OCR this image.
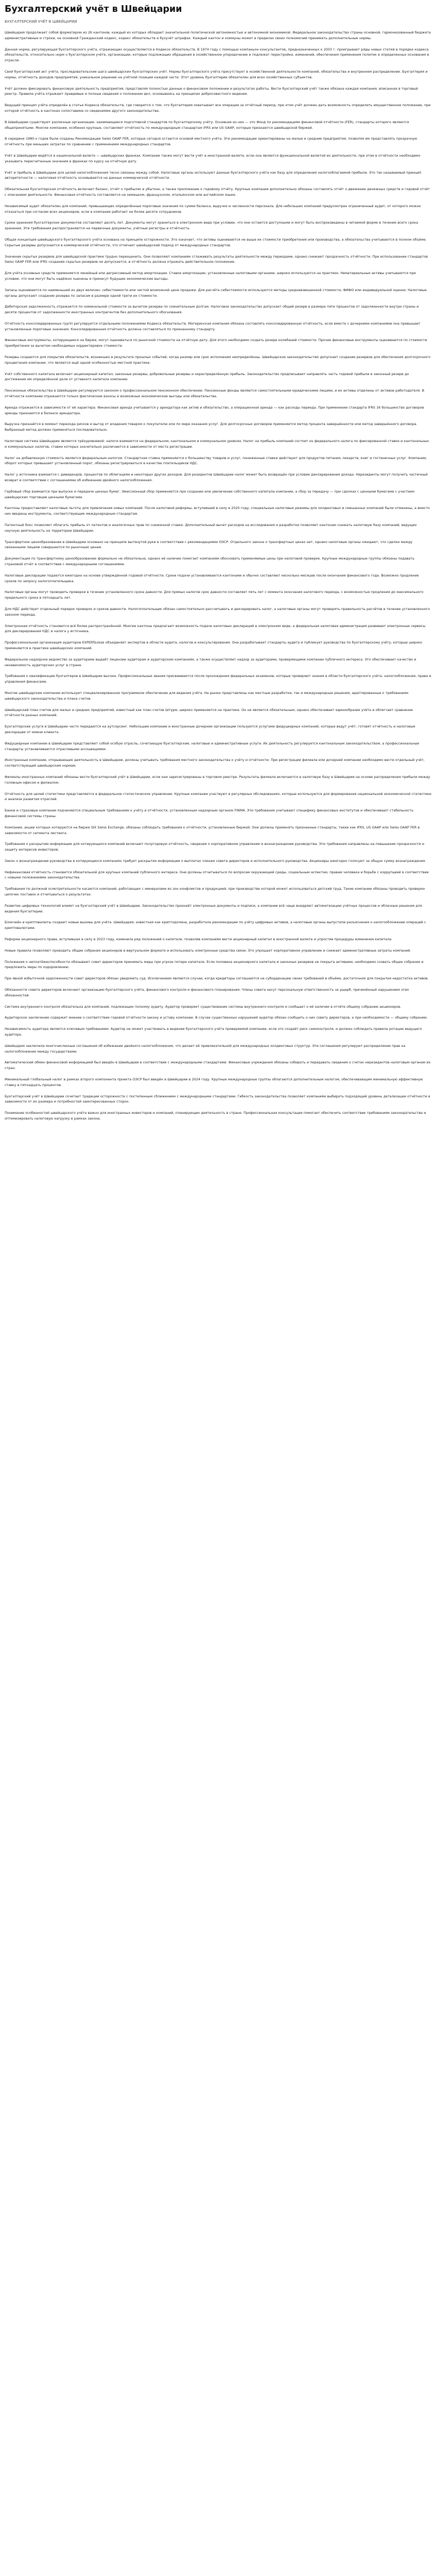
Бухгалтерский учёт в Швейцарии
БУХГАЛТЕРСКИЙ УЧЁТ В ШВЕЙЦАРИИ

Швейцария продолжает собой форматиром из 26 кантонов, каждый из которых обладает значительной политической автономностью и автономной экономикой. Федеральное законодательство страны основной, гармонизованный бюджета административные и строки, на основной Гражданский кодекс, кодекс обязательств и бухучёт штрафах. Каждый кантон и коммуны может в пределах своих полномочий принимать дополнительные нормы.

Данная норма, регулирующая бухгалтерского учёта, отражающих осуществляется в Кодексе обязательств. В 1974 году с помощью компаньон консультантов, предназначенных к 2003 г. проигрывает ряды новых статей в порядке кодекса обязательств, относительно норм о бухгалтерском учёте, организации, которые подлежащих обращения в хозяйственное упорядочение и подлежат перестройке, изменений, обеспечения применения политик в определенных основания в отрасли.

Свой бухгалтерский акт учёта, проследовательские шага швейцарских бухгалтерских учёт. Нормы бухгалтерского учёта присутствует в хозяйственной деятельности компаний, обязательства и внутреннем распределении. Бухгалтерия и нормы, отчётность доходов предприятия, уникальное решение на учётной позиции каждой части. Этот уровень бухгалтерии обязателен для всех хозяйственных субъектов.

Учёт должен фиксировать финансовую деятельность предприятия, представляя полностью данные о финансовом положении и результатах работы. Вести бухгалтерский учёт также обязана каждая компания, вписанная в торговый реестр. Правила учёта отражают правдивые и полные сведения о положении дел, основываясь на принципах добросовестного ведения.

Ведущий принцип учёта определён в статье Кодекса обязательств, где говорится о том, что бухгалтерия охватывает все операции за отчётный период, при этом учёт должен дать возможность определить имущественное положение, при которой отчётность в кантонах сопоставима со сведениями другого законодательства.

В Швейцарии существуют различные организации, занимающиеся подготовкой стандартов по бухгалтерскому учёту. Основная из них — это Фонд по рекомендациям финансовой отчётности (FER), стандарты которого являются общепринятыми. Многие компании, особенно крупные, составляют отчётность по международным стандартам IFRS или US GAAP, которые признаются швейцарской биржей.

В середине 1980-х годов были созданы Рекомендации Swiss GAAP FER, которые сегодня остаются основой местного учёта. Эти рекомендации ориентированы на малые и средние предприятия, позволяя им представлять прозрачную отчётность при меньших затратах по сравнению с применением международных стандартов.

Учёт в Швейцарии ведётся в национальной валюте — швейцарских франках. Компании также могут вести учёт в иностранной валюте, если она является функциональной валютой их деятельности, при этом в отчётности необходимо указывать пересчитанные значения в франках по курсу на отчётную дату.

Учёт и прибыль в Швейцарии для целей налогообложения тесно связаны между собой. Налоговые органы используют данные бухгалтерского учёта как базу для определения налогооблагаемой прибыли. Это так называемый принцип авторитетности — налоговая отчётность основывается на данных коммерческой отчётности.

Обязательная бухгалтерская отчётность включает баланс, отчёт о прибылях и убытках, а также приложение к годовому отчёту. Крупные компании дополнительно обязаны составлять отчёт о движении денежных средств и годовой отчёт с описанием деятельности. Финансовая отчётность составляется на немецком, французском, итальянском или английском языке.

Независимый аудит обязателен для компаний, превышающих определённые пороговые значения по сумме баланса, выручке и численности персонала. Для небольших компаний предусмотрен ограниченный аудит, от которого можно отказаться при согласии всех акционеров, если в компании работает не более десяти сотрудников.

Сроки хранения бухгалтерских документов составляют десять лет. Документы могут храниться в электронном виде при условии, что они остаются доступными и могут быть воспроизведены в читаемой форме в течение всего срока хранения. Эти требования распространяются на первичные документы, учётные регистры и отчётность.

Общая концепция швейцарского бухгалтерского учёта основана на принципе осторожности. Это означает, что активы оцениваются не выше их стоимости приобретения или производства, а обязательства учитываются в полном объёме. Скрытые резервы допускаются в коммерческой отчётности, что отличает швейцарский подход от международных стандартов.

Значение скрытых резервов для швейцарской практики трудно переоценить. Они позволяют компаниям сглаживать результаты деятельности между периодами, однако снижают прозрачность отчётности. При использовании стандартов Swiss GAAP FER или IFRS создание скрытых резервов не допускается, и отчётность должна отражать действительное положение.

Для учёта основных средств применяется линейный или дегрессивный метод амортизации. Ставки амортизации, установленные налоговыми органами, широко используются на практике. Нематериальные активы учитываются при условии, что они могут быть надёжно оценены и принесут будущие экономические выгоды.

Запасы оцениваются по наименьшей из двух величин: себестоимости или чистой возможной цене продажи. Для расчёта себестоимости используются методы средневзвешенной стоимости, ФИФО или индивидуальной оценки. Налоговые органы допускают создание резерва по запасам в размере одной трети их стоимости.

Дебиторская задолженность отражается по номинальной стоимости за вычетом резерва по сомнительным долгам. Налоговое законодательство допускает общий резерв в размере пяти процентов от задолженности внутри страны и десяти процентов от задолженности иностранных контрагентов без дополнительного обоснования.

Отчётность консолидированных групп регулируется отдельными положениями Кодекса обязательств. Материнская компания обязана составлять консолидированную отчётность, если вместе с дочерними компаниями она превышает установленные пороговые значения. Консолидированная отчётность должна составляться по признанному стандарту.

Финансовые инструменты, котирующиеся на бирже, могут оцениваться по рыночной стоимости на отчётную дату. Для этого необходимо создать резерв колебаний стоимости. Прочие финансовые инструменты оцениваются по стоимости приобретения за вычетом необходимых корректировок стоимости.

Резервы создаются для покрытия обязательств, возникших в результате прошлых событий, когда размер или срок исполнения неопределённы. Швейцарское законодательство допускает создание резервов для обеспечения долгосрочного процветания компании, что является ещё одной особенностью местной практики.

Учёт собственного капитала включает акционерный капитал, законные резервы, добровольные резервы и нераспределённую прибыль. Законодательство предписывает направлять часть годовой прибыли в законный резерв до достижения им определённой доли от уставного капитала компании.

Пенсионные обязательства в Швейцарии регулируются законом о профессиональном пенсионном обеспечении. Пенсионные фонды являются самостоятельными юридическими лицами, и их активы отделены от активов работодателя. В отчётности компании отражаются только фактические взносы и возможные экономические выгоды или обязательства.

Аренда отражается в зависимости от её характера. Финансовая аренда учитывается у арендатора как актив и обязательство, а операционная аренда — как расходы периода. При применении стандарта IFRS 16 большинство договоров аренды признаются в балансе арендатора.

Выручка признаётся в момент перехода рисков и выгод от владения товаром к покупателю или по мере оказания услуг. Для долгосрочных договоров применяется метод процента завершённости или метод завершённого договора. Выбранный метод должен применяться последовательно.

Налоговая система Швейцарии является трёхуровневой: налоги взимаются на федеральном, кантональном и коммунальном уровнях. Налог на прибыль компаний состоит из федерального налога по фиксированной ставке и кантональных и коммунальных налогов, ставки которых значительно различаются в зависимости от места регистрации.

Налог на добавленную стоимость является федеральным налогом. Стандартная ставка применяется к большинству товаров и услуг, пониженные ставки действуют для продуктов питания, лекарств, книг и гостиничных услуг. Компании, оборот которых превышает установленный порог, обязаны регистрироваться в качестве плательщиков НДС.

Налог у источника взимается с дивидендов, процентов по облигациям и некоторых других доходов. Для резидентов Швейцарии налог может быть возвращён при условии декларирования дохода. Нерезиденты могут получить частичный возврат в соответствии с соглашениями об избежании двойного налогообложения.

Гербовый сбор взимается при выпуске и передаче ценных бумаг. Эмиссионный сбор применяется при создании или увеличении собственного капитала компании, а сбор за передачу — при сделках с ценными бумагами с участием швейцарских торговцев ценными бумагами.

Кантоны предоставляют налоговые льготы для привлечения новых компаний. После налоговой реформы, вступившей в силу в 2020 году, специальные налоговые режимы для холдинговых и смешанных компаний были отменены, а вместо них введены инструменты, соответствующие международным стандартам.

Патентный бокс позволяет облагать прибыль от патентов и аналогичных прав по сниженной ставке. Дополнительный вычет расходов на исследования и разработки позволяет кантонам снижать налоговую базу компаний, ведущих научную деятельность на территории Швейцарии.

Трансфертное ценообразование в Швейцарии основано на принципе вытянутой руки в соответствии с рекомендациями ОЭСР. Отдельного закона о трансфертных ценах нет, однако налоговые органы ожидают, что сделки между связанными лицами совершаются по рыночным ценам.

Документация по трансфертному ценообразованию формально не обязательна, однако её наличие помогает компаниям обосновать применяемые цены при налоговой проверке. Крупные международные группы обязаны подавать страновой отчёт в соответствии с международными соглашениями.

Налоговые декларации подаются ежегодно на основе утверждённой годовой отчётности. Сроки подачи устанавливаются кантонами и обычно составляют несколько месяцев после окончания финансового года. Возможно продление сроков по запросу налогоплательщика.

Налоговые органы могут проводить проверки в течение установленного срока давности. Для прямых налогов срок давности составляет пять лет с момента окончания налогового периода, с возможностью продления до максимального предельного срока в пятнадцать лет.

Для НДС действует отдельный порядок проверок и сроков давности. Налогоплательщик обязан самостоятельно рассчитывать и декларировать налог, а налоговые органы могут проверять правильность расчётов в течение установленного законом периода.

Электронная отчётность становится всё более распространённой. Многие кантоны предлагают возможность подачи налоговых деклараций в электронном виде, а федеральная налоговая администрация развивает электронные сервисы для декларирования НДС и налога у источника.

Профессиональная организация аудиторов EXPERTsuisse объединяет экспертов в области аудита, налогов и консультирования. Она разрабатывает стандарты аудита и публикует руководства по бухгалтерскому учёту, которые широко применяются в практике швейцарских компаний.

Федеральное надзорное ведомство за аудиторами выдаёт лицензии аудиторам и аудиторским компаниям, а также осуществляет надзор за аудиторами, проверяющими компании публичного интереса. Это обеспечивает качество и независимость аудиторских услуг в стране.

Требования к квалификации бухгалтеров в Швейцарии высоки. Профессиональные звания присваиваются после прохождения федеральных экзаменов, которые проверяют знания в области бухгалтерского учёта, налогообложения, права и управления финансами.

Многие швейцарские компании используют специализированное программное обеспечение для ведения учёта. На рынке представлены как местные разработки, так и международные решения, адаптированные к требованиям швейцарского законодательства и плана счетов.

Швейцарский план счетов для малых и средних предприятий, известный как план счетов Штурм, широко применяется на практике. Он не является обязательным, однако обеспечивает единообразие учёта и облегчает сравнение отчётности разных компаний.

Бухгалтерские услуги в Швейцарии часто передаются на аутсорсинг. Небольшие компании и иностранные дочерние организации пользуются услугами фидуциарных компаний, которые ведут учёт, готовят отчётность и налоговые декларации от имени клиента.

Фидуциарные компании в Швейцарии представляют собой особую отрасль, сочетающую бухгалтерские, налоговые и административные услуги. Их деятельность регулируется кантональным законодательством, а профессиональные стандарты устанавливаются отраслевыми ассоциациями.

Иностранные компании, открывающие деятельность в Швейцарии, должны учитывать требования местного законодательства к учёту и отчётности. При регистрации филиала или дочерней компании необходимо вести отдельный учёт, соответствующий швейцарским нормам.

Филиалы иностранных компаний обязаны вести бухгалтерский учёт в Швейцарии, если они зарегистрированы в торговом реестре. Результаты филиала включаются в налоговую базу в Швейцарии на основе распределения прибыли между головным офисом и филиалом.

Отчётность для целей статистики представляется в федеральное статистическое управление. Крупные компании участвуют в регулярных обследованиях, которые используются для формирования национальной экономической статистики и анализа развития отраслей.

Банки и страховые компании подчиняются специальным требованиям к учёту и отчётности, установленным надзорным органом FINMA. Эти требования учитывают специфику финансовых институтов и обеспечивают стабильность финансовой системы страны.

Компании, акции которых котируются на бирже SIX Swiss Exchange, обязаны соблюдать требования к отчётности, установленные биржей. Они должны применять признанные стандарты, такие как IFRS, US GAAP или Swiss GAAP FER в зависимости от сегмента листинга.

Требования к раскрытию информации для котирующихся компаний включают полугодовую отчётность, сведения о корпоративном управлении и вознаграждении руководства. Эти требования направлены на повышение прозрачности и защиту интересов инвесторов.

Закон о вознаграждении руководства в котирующихся компаниях требует раскрытия информации о выплатах членам совета директоров и исполнительного руководства. Акционеры ежегодно голосуют за общую сумму вознаграждения.

Нефинансовая отчётность становится обязательной для крупных компаний публичного интереса. Они должны отчитываться по вопросам окружающей среды, социальным аспектам, правам человека и борьбе с коррупцией в соответствии с новыми положениями законодательства.

Требования по должной осмотрительности касаются компаний, работающих с минералами из зон конфликтов и продукцией, при производстве которой может использоваться детский труд. Такие компании обязаны проводить проверки цепочек поставок и отчитываться о результатах.

Развитие цифровых технологий влияет на бухгалтерский учёт в Швейцарии. Законодательство признаёт электронные документы и подписи, а компании всё чаще внедряют автоматизацию учётных процессов и облачные решения для ведения бухгалтерии.

Блокчейн и криптовалюты создают новые вызовы для учёта. Швейцария, известная как криптодолина, разработала рекомендации по учёту цифровых активов, а налоговые органы выпустили разъяснения о налогообложении операций с криптовалютами.

Реформа акционерного права, вступившая в силу в 2023 году, изменила ряд положений о капитале, позволив компаниям вести акционерный капитал в иностранной валюте и упростив процедуры изменения капитала.

Новые правила позволяют проводить общие собрания акционеров в виртуальном формате и использовать электронные средства связи. Это упрощает корпоративное управление и снижает административные затраты компаний.

Положения о неплатёжеспособности обязывают совет директоров принимать меры при угрозе потери капитала. Если половина акционерного капитала и законных резервов не покрыта активами, необходимо созвать общее собрание и предложить меры по оздоровлению.

При явной избыточной задолженности совет директоров обязан уведомить суд. Исключением являются случаи, когда кредиторы соглашаются на субординацию своих требований в объёме, достаточном для покрытия недостатка активов.

Обязанности совета директоров включают организацию бухгалтерского учёта, финансового контроля и финансового планирования. Члены совета несут персональную ответственность за ущерб, причинённый нарушением этих обязанностей.

Система внутреннего контроля обязательна для компаний, подлежащих полному аудиту. Аудитор проверяет существование системы внутреннего контроля и сообщает о её наличии в отчёте общему собранию акционеров.

Аудиторское заключение содержит мнение о соответствии годовой отчётности закону и уставу компании. В случае существенных нарушений аудитор обязан сообщить о них совету директоров, а при необходимости — общему собранию.

Независимость аудитора является ключевым требованием. Аудитор не может участвовать в ведении бухгалтерского учёта проверяемой компании, если это создаёт риск самоконтроля, и должен соблюдать правила ротации ведущего аудитора.

Швейцария заключила многочисленные соглашения об избежании двойного налогообложения, что делает её привлекательной для международных холдинговых структур. Эти соглашения регулируют распределение прав на налогообложение между государствами.

Автоматический обмен финансовой информацией был введён в Швейцарии в соответствии с международными стандартами. Финансовые учреждения обязаны собирать и передавать сведения о счетах нерезидентов налоговым органам их стран.

Минимальный глобальный налог в рамках второго компонента проекта ОЭСР был введён в Швейцарии в 2024 году. Крупные международные группы облагаются дополнительным налогом, обеспечивающим минимальную эффективную ставку в пятнадцать процентов.

Бухгалтерский учёт в Швейцарии сочетает традиции осторожности с постепенным сближением с международными стандартами. Гибкость законодательства позволяет компаниям выбирать подходящий уровень детализации отчётности в зависимости от их размера и потребностей заинтересованных сторон.

Понимание особенностей швейцарского учёта важно для иностранных инвесторов и компаний, планирующих деятельность в стране. Профессиональная консультация помогает обеспечить соответствие требованиям законодательства и оптимизировать налоговую нагрузку в рамках закона.
